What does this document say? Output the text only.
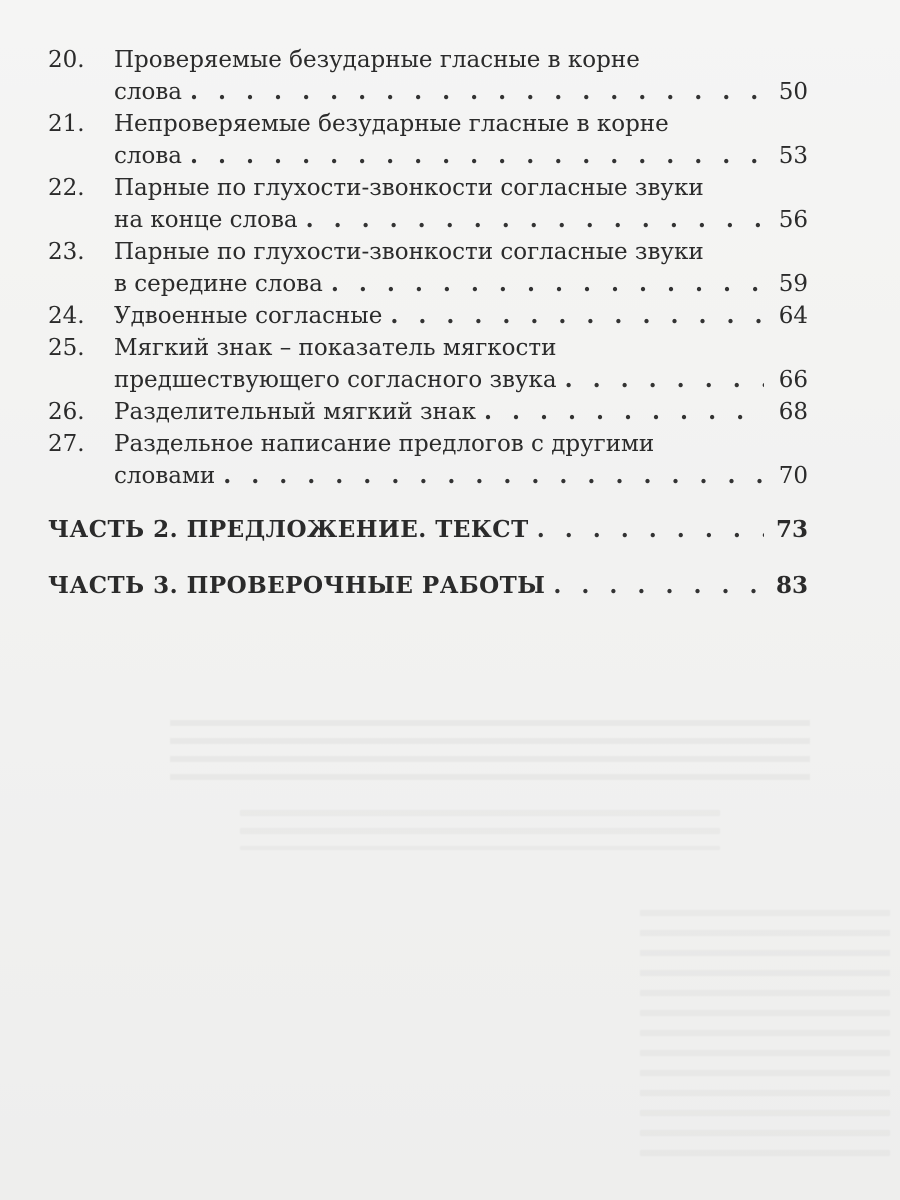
20.	Проверяемые безударные гласные в корне
слова . . .	50
21.	Непроверяемые безударные гласные в корне
слова . . .	53
22.	Парные по глухости-звонкости согласные звуки
на конце слова . . .	56
23.	Парные по глухости-звонкости согласные звуки
в середине слова . . .	59
24.	Удвоенные согласные . . .	64
25.	Мягкий знак – показатель мягкости
предшествующего согласного звука . . .	66
26.	Разделительный мягкий знак . . .	68
27.	Раздельное написание предлогов с другими
словами . . .	70
ЧАСТЬ 2. ПРЕДЛОЖЕНИЕ. ТЕКСТ . . .	73
ЧАСТЬ 3. ПРОВЕРОЧНЫЕ РАБОТЫ . . .	83
